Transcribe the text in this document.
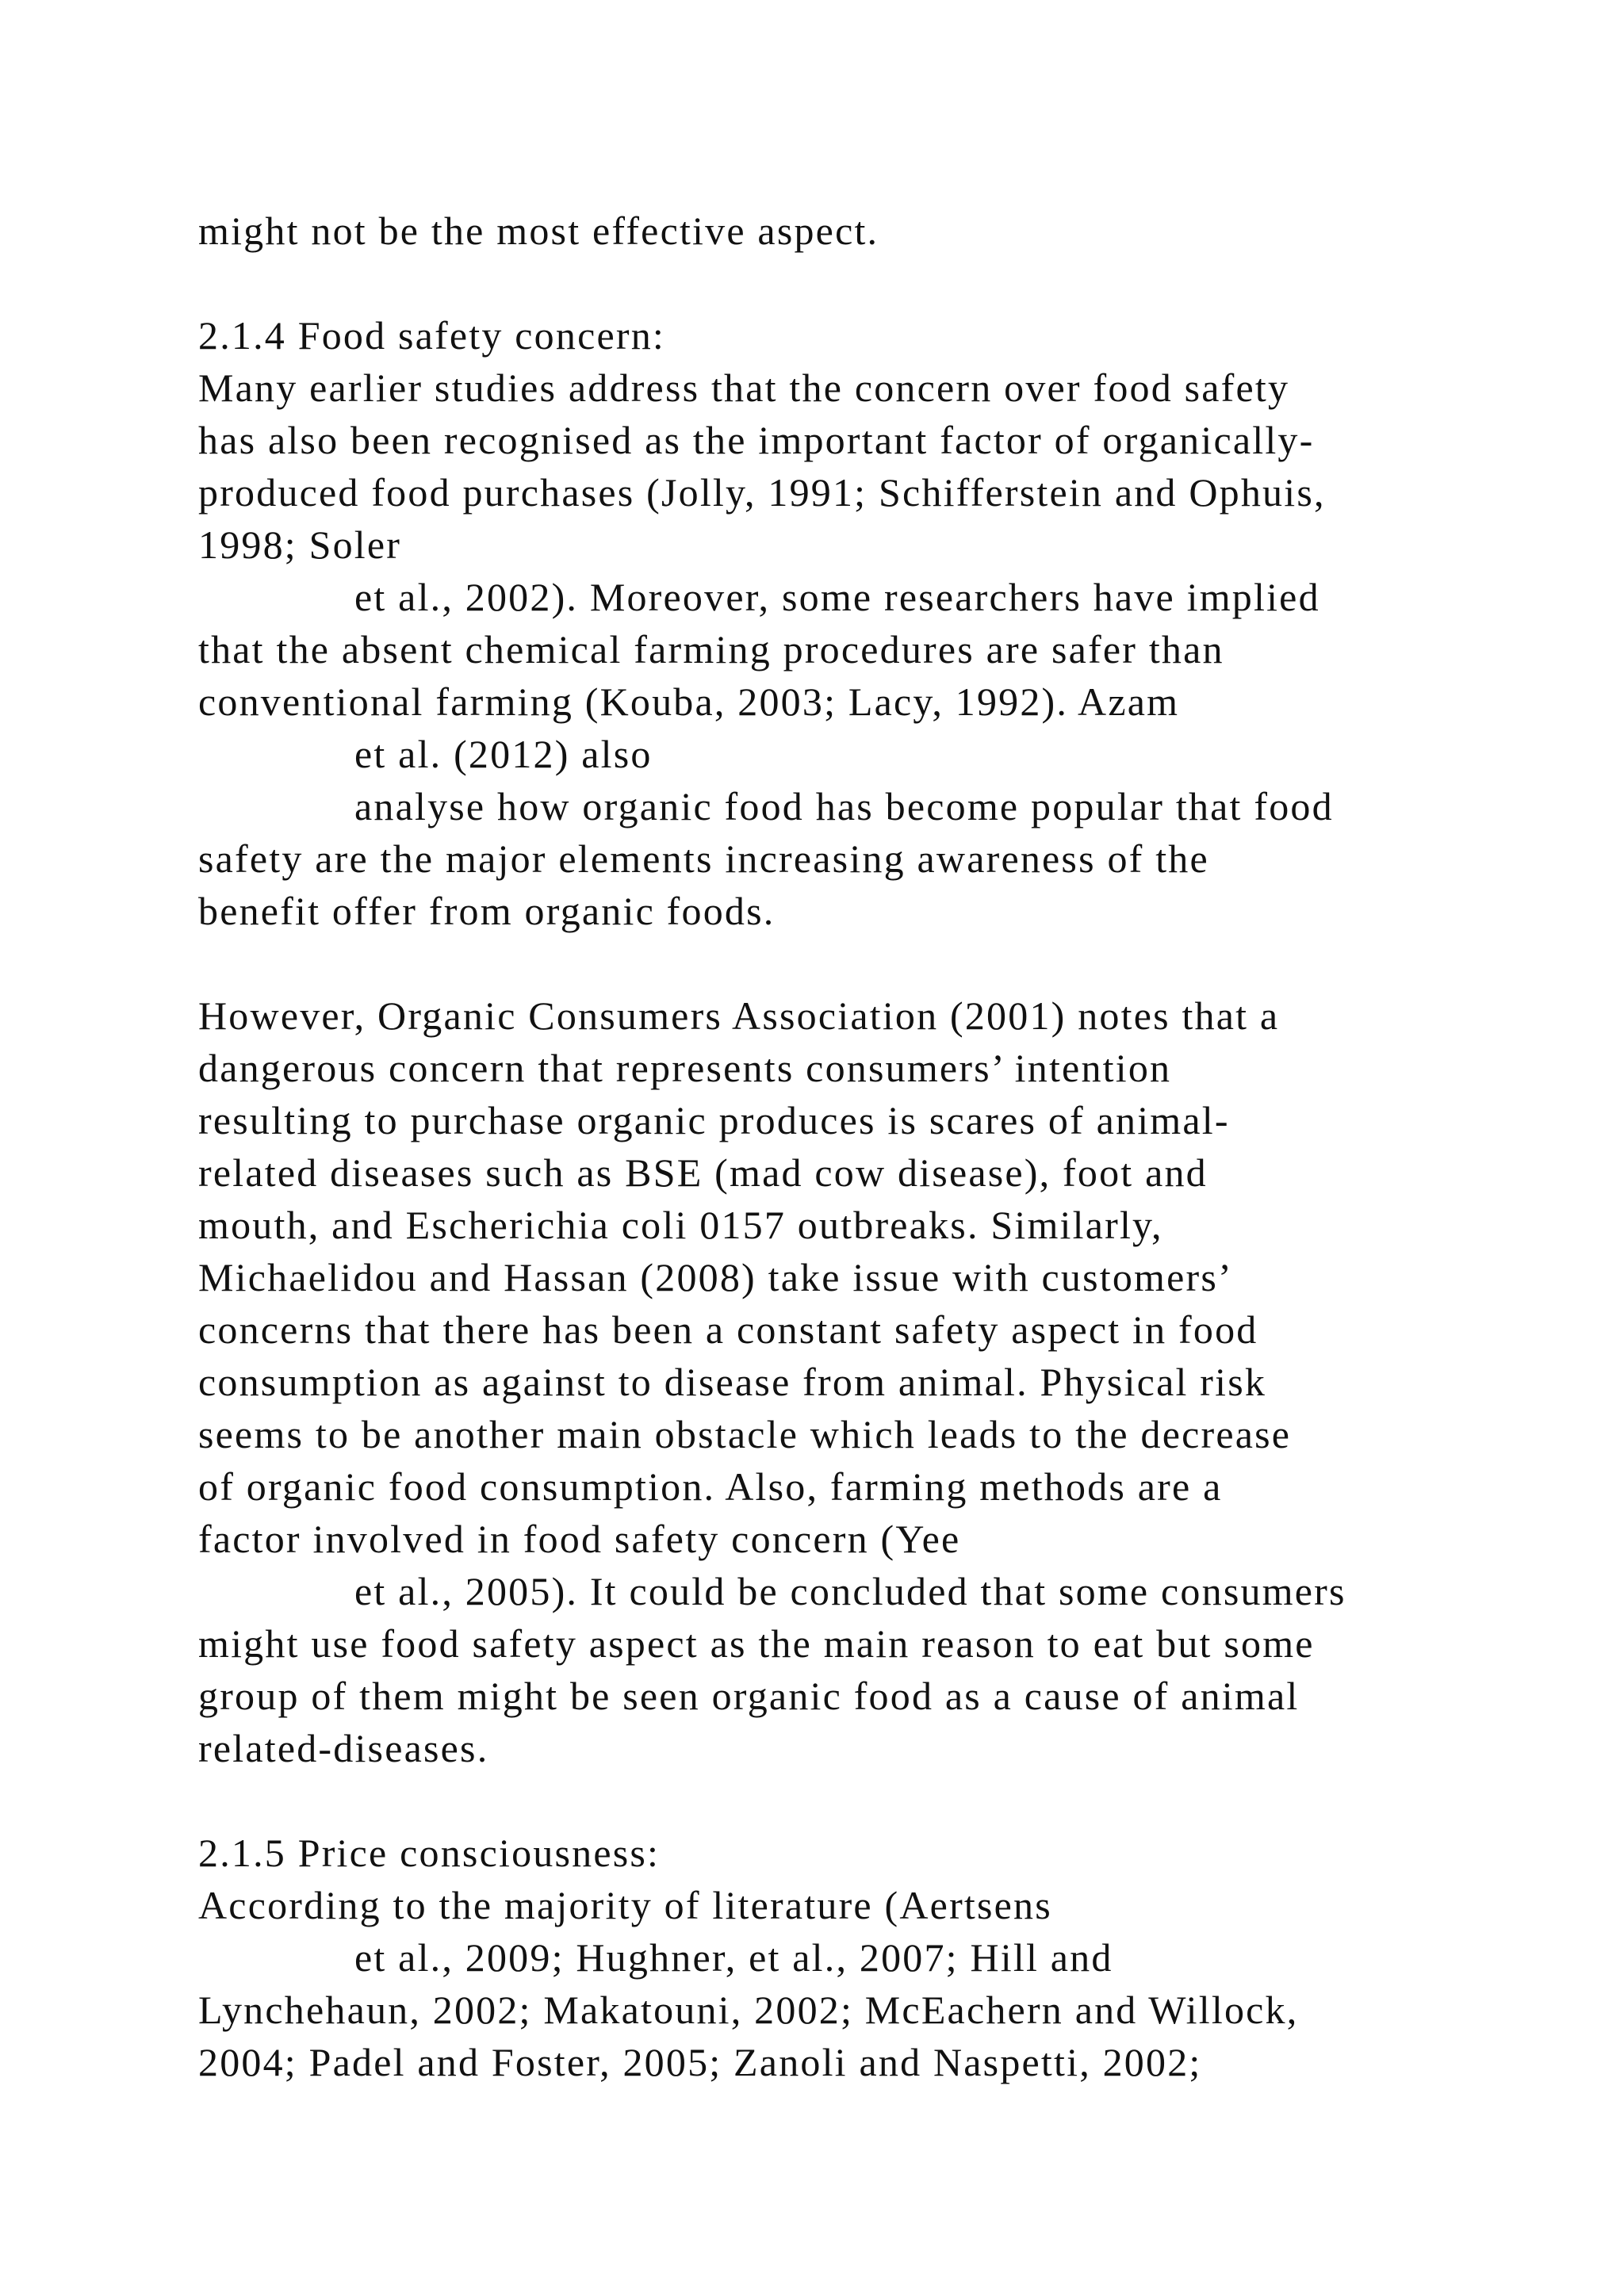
might not be the most effective aspect.
2.1.4 Food safety concern:
Many earlier studies address that the concern over food safety
has also been recognised as the important factor of organically-
produced food purchases (Jolly, 1991; Schifferstein and Ophuis,
1998; Soler
et al., 2002). Moreover, some researchers have implied
that the absent chemical farming procedures are safer than
conventional farming (Kouba, 2003; Lacy, 1992). Azam
et al. (2012) also
analyse how organic food has become popular that food
safety are the major elements increasing awareness of the
benefit offer from organic foods.
However, Organic Consumers Association (2001) notes that a
dangerous concern that represents consumers’ intention
resulting to purchase organic produces is scares of animal-
related diseases such as BSE (mad cow disease), foot and
mouth, and Escherichia coli 0157 outbreaks. Similarly,
Michaelidou and Hassan (2008) take issue with customers’
concerns that there has been a constant safety aspect in food
consumption as against to disease from animal. Physical risk
seems to be another main obstacle which leads to the decrease
of organic food consumption. Also, farming methods are a
factor involved in food safety concern (Yee
et al., 2005). It could be concluded that some consumers
might use food safety aspect as the main reason to eat but some
group of them might be seen organic food as a cause of animal
related-diseases.
2.1.5 Price consciousness:
According to the majority of literature (Aertsens
et al., 2009; Hughner, et al., 2007; Hill and
Lynchehaun, 2002; Makatouni, 2002; McEachern and Willock,
2004; Padel and Foster, 2005; Zanoli and Naspetti, 2002;
